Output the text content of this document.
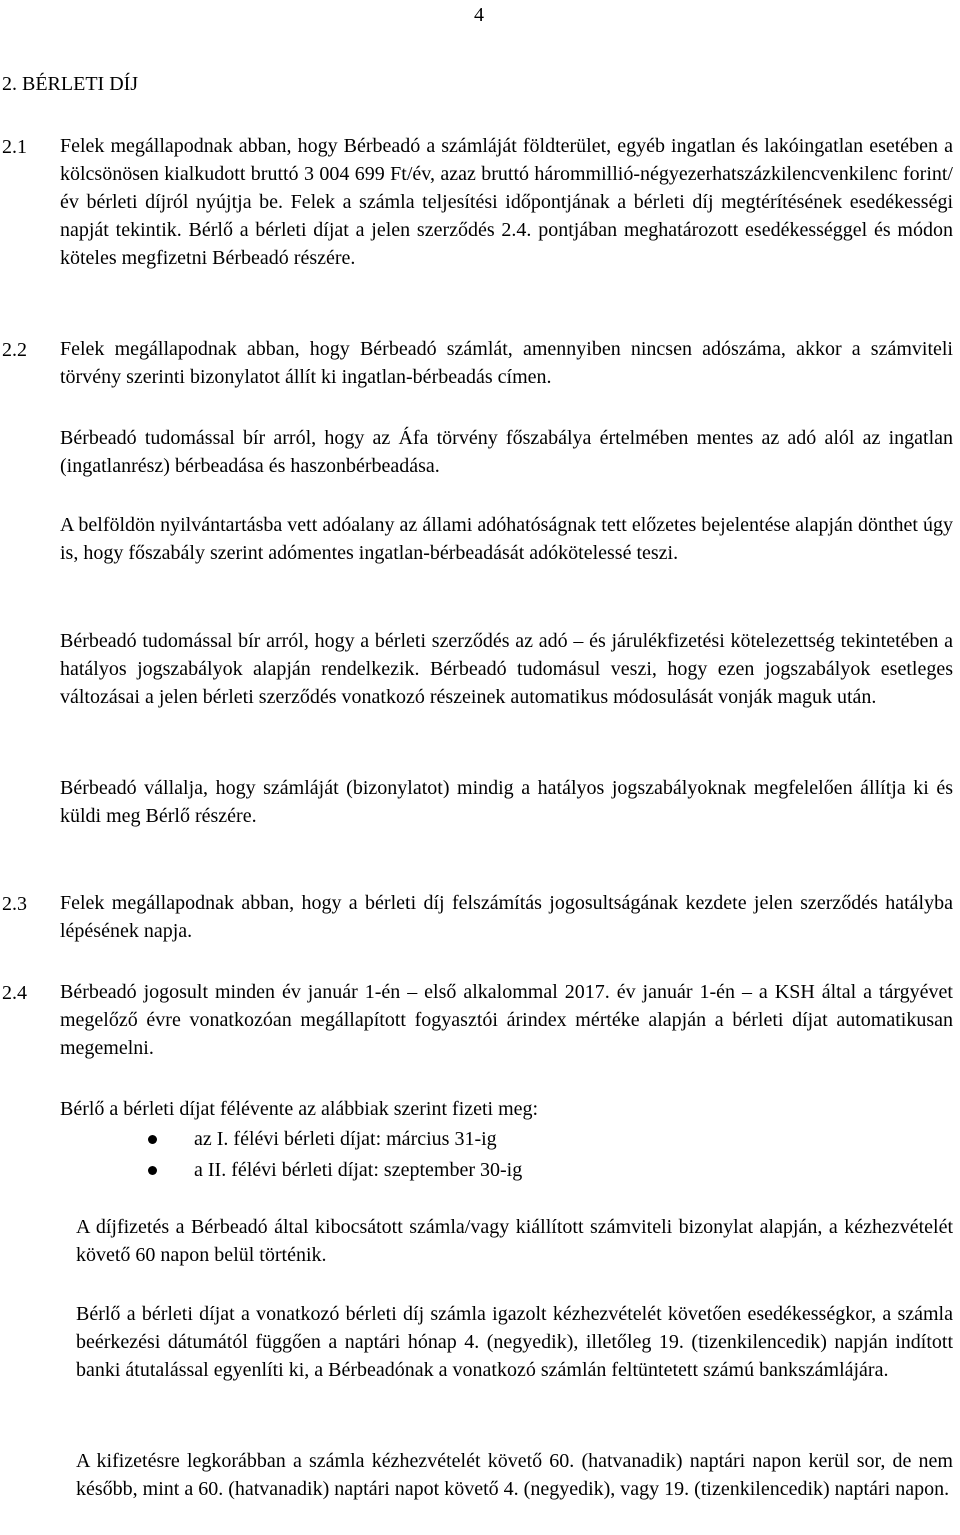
4
2. BÉRLETI DÍJ
2.1 Felek megállapodnak abban, hogy Bérbeadó a számláját földterület, egyéb ingatlan és lakóingatlan esetében a kölcsönösen kialkudott bruttó 3 004 699 Ft/év, azaz bruttó hárommillió-négyezerhatszázkilencvenkilenc forint/év bérleti díjról nyújtja be. Felek a számla teljesítési időpontjának a bérleti díj megtérítésének esedékességi napját tekintik. Bérlő a bérleti díjat a jelen szerződés 2.4. pontjában meghatározott esedékességgel és módon köteles megfizetni Bérbeadó részére.

2.2 Felek megállapodnak abban, hogy Bérbeadó számlát, amennyiben nincsen adószáma, akkor a számviteli törvény szerinti bizonylatot állít ki ingatlan-bérbeadás címen.

Bérbeadó tudomással bír arról, hogy az Áfa törvény főszabálya értelmében mentes az adó alól az ingatlan (ingatlanrész) bérbeadása és haszonbérbeadása.

A belföldön nyilvántartásba vett adóalany az állami adóhatóságnak tett előzetes bejelentése alapján dönthet úgy is, hogy főszabály szerint adómentes ingatlan-bérbeadását adókötelessé teszi.

Bérbeadó tudomással bír arról, hogy a bérleti szerződés az adó – és járulékfizetési kötelezettség tekintetében a hatályos jogszabályok alapján rendelkezik. Bérbeadó tudomásul veszi, hogy ezen jogszabályok esetleges változásai a jelen bérleti szerződés vonatkozó részeinek automatikus módosulását vonják maguk után.

Bérbeadó vállalja, hogy számláját (bizonylatot) mindig a hatályos jogszabályoknak megfelelően állítja ki és küldi meg Bérlő részére.

2.3 Felek megállapodnak abban, hogy a bérleti díj felszámítás jogosultságának kezdete jelen szerződés hatályba lépésének napja.

2.4 Bérbeadó jogosult minden év január 1-én – első alkalommal 2017. év január 1-én – a KSH által a tárgyévet megelőző évre vonatkozóan megállapított fogyasztói árindex mértéke alapján a bérleti díjat automatikusan megemelni.

Bérlő a bérleti díjat félévente az alábbiak szerint fizeti meg:

az I. félévi bérleti díjat: március 31-ig
a II. félévi bérleti díjat: szeptember 30-ig

A díjfizetés a Bérbeadó által kibocsátott számla/vagy kiállított számviteli bizonylat alapján, a kézhezvételét követő 60 napon belül történik.

Bérlő a bérleti díjat a vonatkozó bérleti díj számla igazolt kézhezvételét követően esedékességkor, a számla beérkezési dátumától függően a naptári hónap 4. (negyedik), illetőleg 19. (tizenkilencedik) napján indított banki átutalással egyenlíti ki, a Bérbeadónak a vonatkozó számlán feltüntetett számú bankszámlájára.

A kifizetésre legkorábban a számla kézhezvételét követő 60. (hatvanadik) naptári napon kerül sor, de nem később, mint a 60. (hatvanadik) naptári napot követő 4. (negyedik), vagy 19. (tizenkilencedik) naptári napon.
